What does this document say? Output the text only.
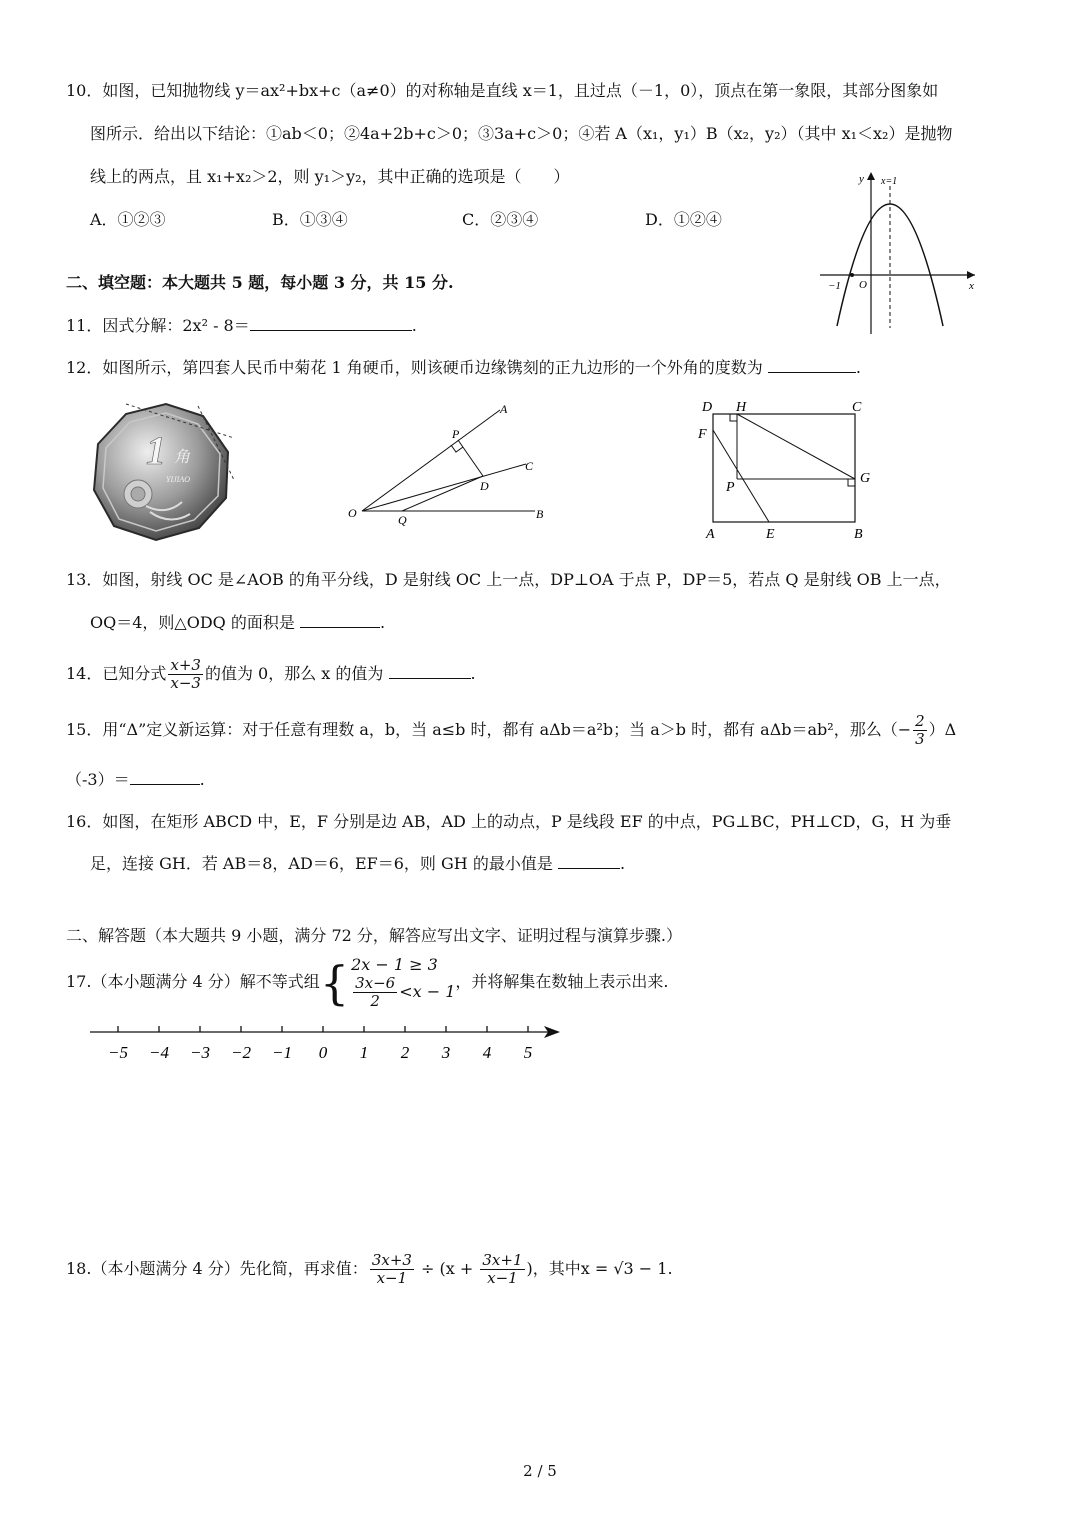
10．如图，已知抛物线 y＝ax²+bx+c（a≠0）的对称轴是直线 x＝1，且过点（－1，0），顶点在第一象限，其部分图象如
图所示．给出以下结论：①ab＜0；②4a+2b+c＞0；③3a+c＞0；④若 A（x₁，y₁）B（x₂，y₂）（其中 x₁＜x₂）是抛物
线上的两点，且 x₁+x₂＞2，则 y₁＞y₂，其中正确的选项是（　　）
A．①②③	B．①③④	C．②③④	D．①②④
y x=1
−1 O	x
二、填空题：本大题共 5 题，每小题 3 分，共 15 分.
11．因式分解：2x² - 8＝	.
12．如图所示，第四套人民币中菊花 1 角硬币，则该硬币边缘镌刻的正九边形的一个外角的度数为	.
1 角
YIJIAO
A
P
C
D
O	Q	B
D H	C
F
P
G
A	E	B
13．如图，射线 OC 是∠AOB 的角平分线，D 是射线 OC 上一点，DP⊥OA 于点 P，DP＝5，若点 Q 是射线 OB 上一点，
OQ＝4，则△ODQ 的面积是	.
14．已知分式 $\frac{x+3}{x-3}$ 的值为 0，那么 x 的值为	.
15．用“Δ”定义新运算：对于任意有理数 a，b，当 a≤b 时，都有 aΔb＝a²b；当 a＞b 时，都有 aΔb＝ab²，那么（− $\frac{2}{3} )\Delta$
（-3）＝	.
16．如图，在矩形 ABCD 中，E，F 分别是边 AB，AD 上的动点，P 是线段 EF 的中点，PG⊥BC，PH⊥CD，G，H 为垂
足，连接 GH．若 AB＝8，AD＝6，EF＝6，则 GH 的最小值是	.
二、解答题（本大题共 9 小题，满分 72 分，解答应写出文字、证明过程与演算步骤.）
17.（本小题满分 4 分）解不等式组{ 2x − 1 ≥ 3
$\frac{3x-6}{2} <x - 1$
，并将解集在数轴上表示出来.
−5 −4 −3 −2 −1 0 1 2 3 4 5
18.（本小题满分 4 分）先化简，再求值： $\frac{3x+3}{x-1} \div (x + \frac{3x+1}{x-1}$ )，其中x = √3 − 1.
2 / 5
